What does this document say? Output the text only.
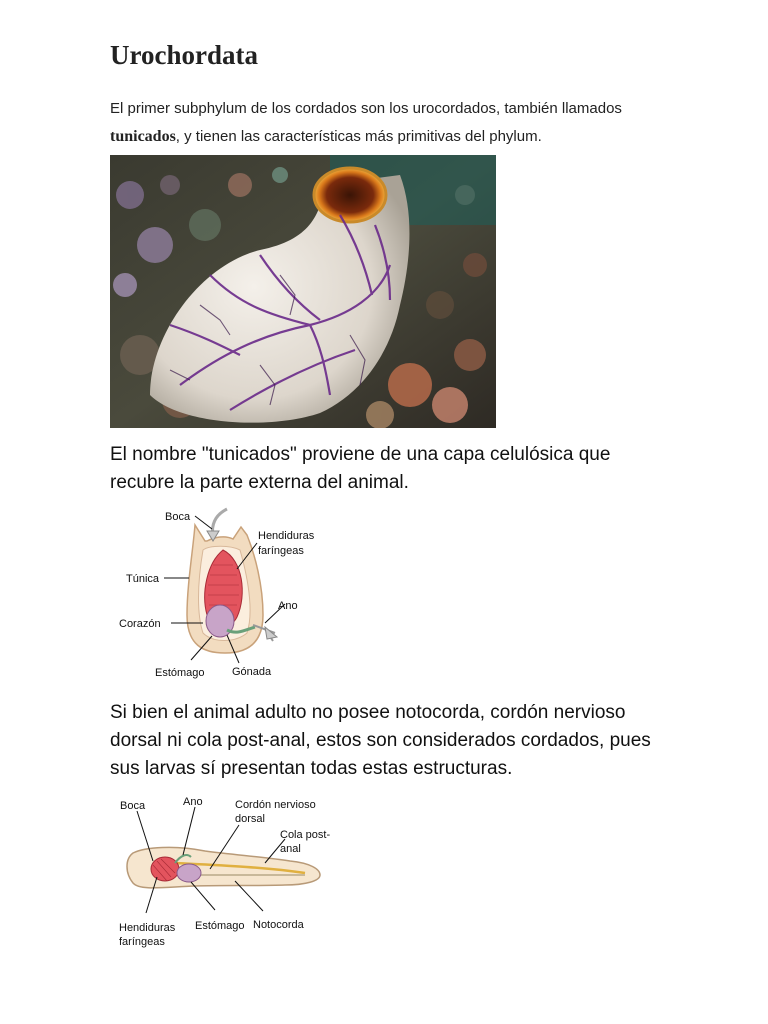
Urochordata

El primer subphylum de los cordados son los urocordados, también llamados tunicados, y tienen las características más primitivas del phylum.

El nombre "tunicados" proviene de una capa celulósica que recubre la parte externa del animal.

Boca
Hendiduras
faríngeas
Túnica
Ano
Corazón
Estómago Gónada

Si bien el animal adulto no posee notocorda, cordón nervioso dorsal ni cola post-anal, estos son considerados cordados, pues sus larvas sí presentan todas estas estructuras.

Boca	Ano	Cordón nervioso
dorsal
Cola post-
anal
Hendiduras
faríngeas
Estómago Notocorda
